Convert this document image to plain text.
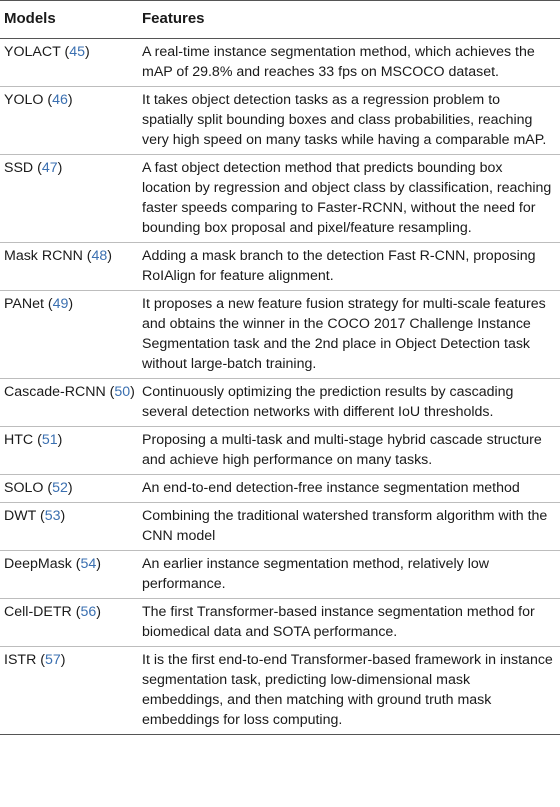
Models	Features
YOLACT (45)	A real-time instance segmentation method, which achieves the mAP of 29.8% and reaches 33 fps on MSCOCO dataset.
YOLO (46)	It takes object detection tasks as a regression problem to spatially split bounding boxes and class probabilities, reaching very high speed on many tasks while having a comparable mAP.
SSD (47)	A fast object detection method that predicts bounding box location by regression and object class by classification, reaching faster speeds comparing to Faster-RCNN, without the need for bounding box proposal and pixel/feature resampling.
Mask RCNN (48)	Adding a mask branch to the detection Fast R-CNN, proposing RoIAlign for feature alignment.
PANet (49)	It proposes a new feature fusion strategy for multi-scale features and obtains the winner in the COCO 2017 Challenge Instance Segmentation task and the 2nd place in Object Detection task without large-batch training.
Cascade-RCNN (50)	Continuously optimizing the prediction results by cascading several detection networks with different IoU thresholds.
HTC (51)	Proposing a multi-task and multi-stage hybrid cascade structure and achieve high performance on many tasks.
SOLO (52)	An end-to-end detection-free instance segmentation method
DWT (53)	Combining the traditional watershed transform algorithm with the CNN model
DeepMask (54)	An earlier instance segmentation method, relatively low performance.
Cell-DETR (56)	The first Transformer-based instance segmentation method for biomedical data and SOTA performance.
ISTR (57)	It is the first end-to-end Transformer-based framework in instance segmentation task, predicting low-dimensional mask embeddings, and then matching with ground truth mask embeddings for loss computing.
